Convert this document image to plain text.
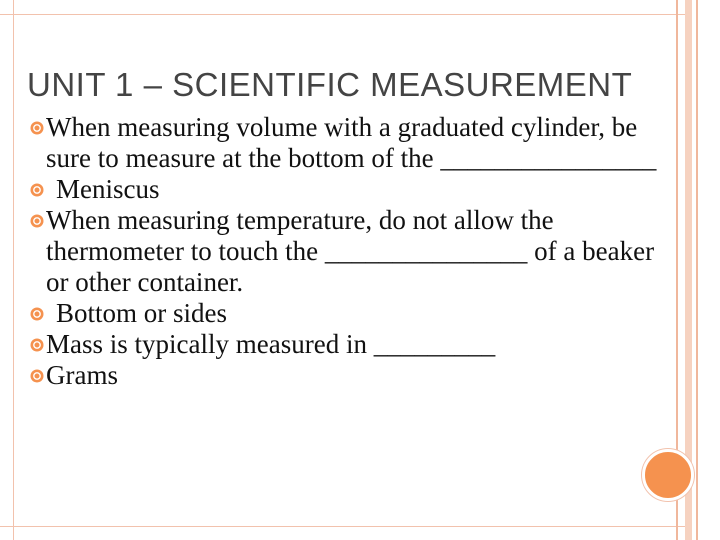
UNIT 1 – SCIENTIFIC MEASUREMENT
When measuring volume with a graduated cylinder, be sure to measure at the bottom of the ________________
Meniscus
When measuring temperature, do not allow the thermometer to touch the _______________ of a beaker or other container.
Bottom or sides
Mass is typically measured in _________
Grams
